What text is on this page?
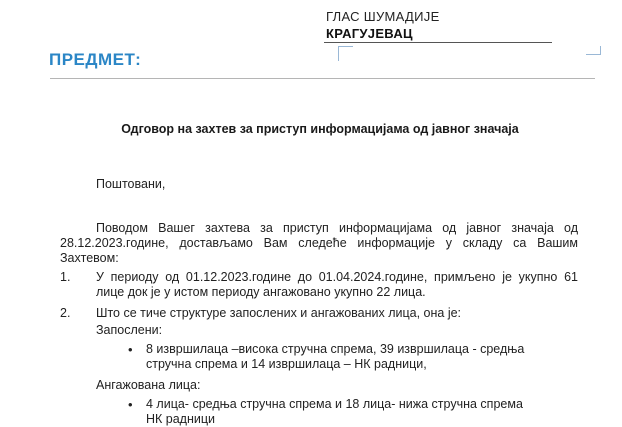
ГЛАС ШУМАДИЈЕ
КРАГУЈЕВАЦ
ПРЕДМЕТ:
Одговор на захтев за приступ информацијама од јавног значаја
Поштовани,
Поводом Вашег захтева за приступ информацијама од јавног значаја од 28.12.2023.године, достављамо Вам следеће информације у складу са Вашим Захтевом:
1.	У периоду од 01.12.2023.године до 01.04.2024.године, примљено је укупно 61 лице док је у истом периоду ангажовано укупно 22 лица.
2.	Што се тиче структуре запослених и ангажованих лица, она је:
Запослени:
• 8 извршилаца –висока стручна спрема, 39 извршилаца - средња стручна спрема и 14 извршилаца – НК радници,
Ангажована лица:
• 4 лица- средња стручна спрема и 18 лица- нижа стручна спрема НК радници
